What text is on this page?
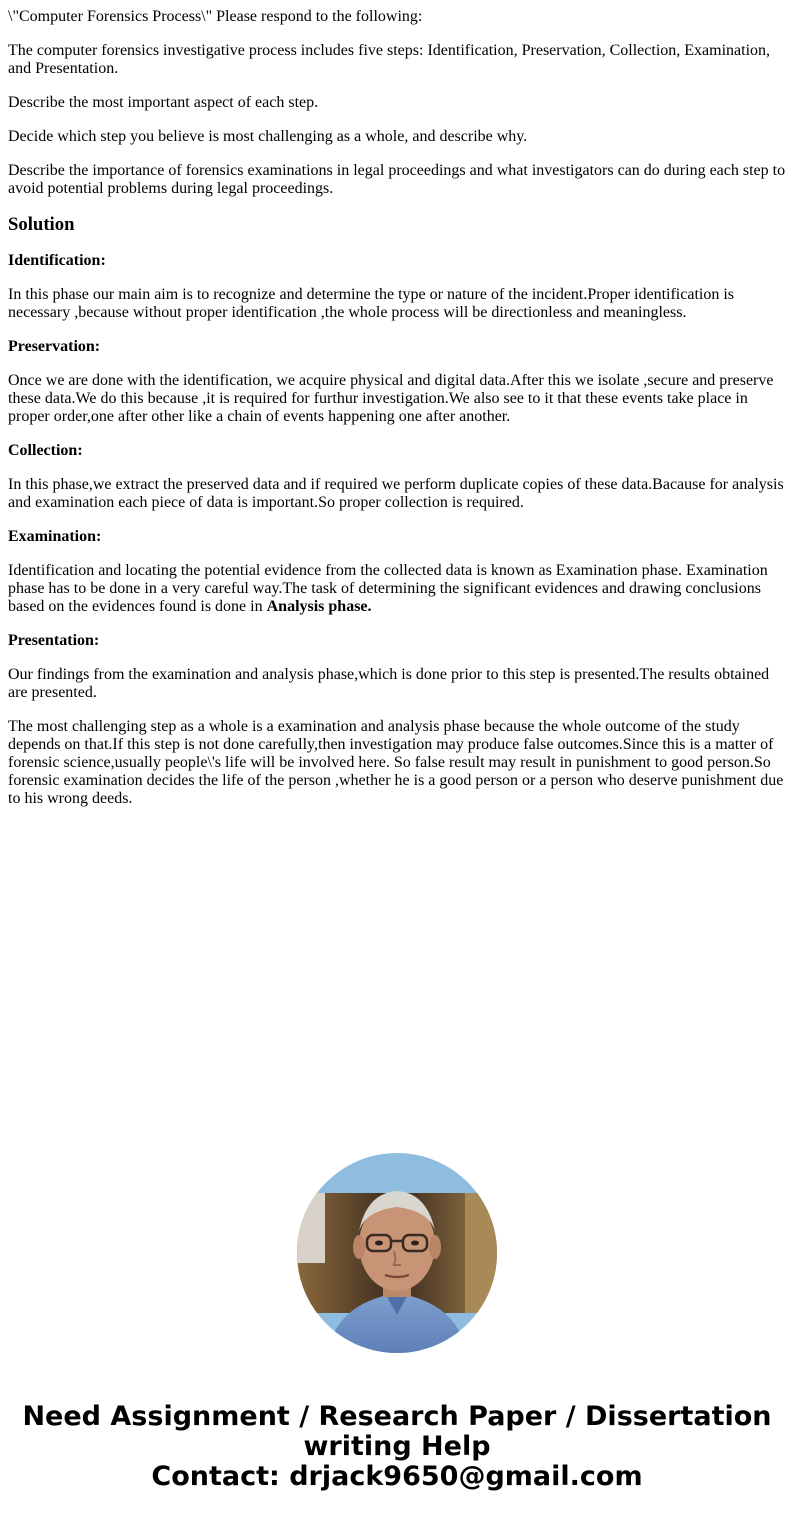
\"Computer Forensics Process\" Please respond to the following:

The computer forensics investigative process includes five steps: Identification, Preservation, Collection, Examination, and Presentation.

Describe the most important aspect of each step.

Decide which step you believe is most challenging as a whole, and describe why.

Describe the importance of forensics examinations in legal proceedings and what investigators can do during each step to avoid potential problems during legal proceedings.

Solution

Identification:

In this phase our main aim is to recognize and determine the type or nature of the incident.Proper identification is necessary ,because without proper identification ,the whole process will be directionless and meaningless.

Preservation:

Once we are done with the identification, we acquire physical and digital data.After this we isolate ,secure and preserve these data.We do this because ,it is required for furthur investigation.We also see to it that these events take place in proper order,one after other like a chain of events happening one after another.

Collection:

In this phase,we extract the preserved data and if required we perform duplicate copies of these data.Bacause for analysis and examination each piece of data is important.So proper collection is required.

Examination:

Identification and locating the potential evidence from the collected data is known as Examination phase. Examination phase has to be done in a very careful way.The task of determining the significant evidences and drawing conclusions based on the evidences found is done in Analysis phase.

Presentation:

Our findings from the examination and analysis phase,which is done prior to this step is presented.The results obtained are presented.

The most challenging step as a whole is a examination and analysis phase because the whole outcome of the study depends on that.If this step is not done carefully,then investigation may produce false outcomes.Since this is a matter of forensic science,usually people\'s life will be involved here. So false result may result in punishment to good person.So forensic examination decides the life of the person ,whether he is a good person or a person who deserve punishment due to his wrong deeds.

Need Assignment / Research Paper / Dissertation
writing Help
Contact: drjack9650@gmail.com
